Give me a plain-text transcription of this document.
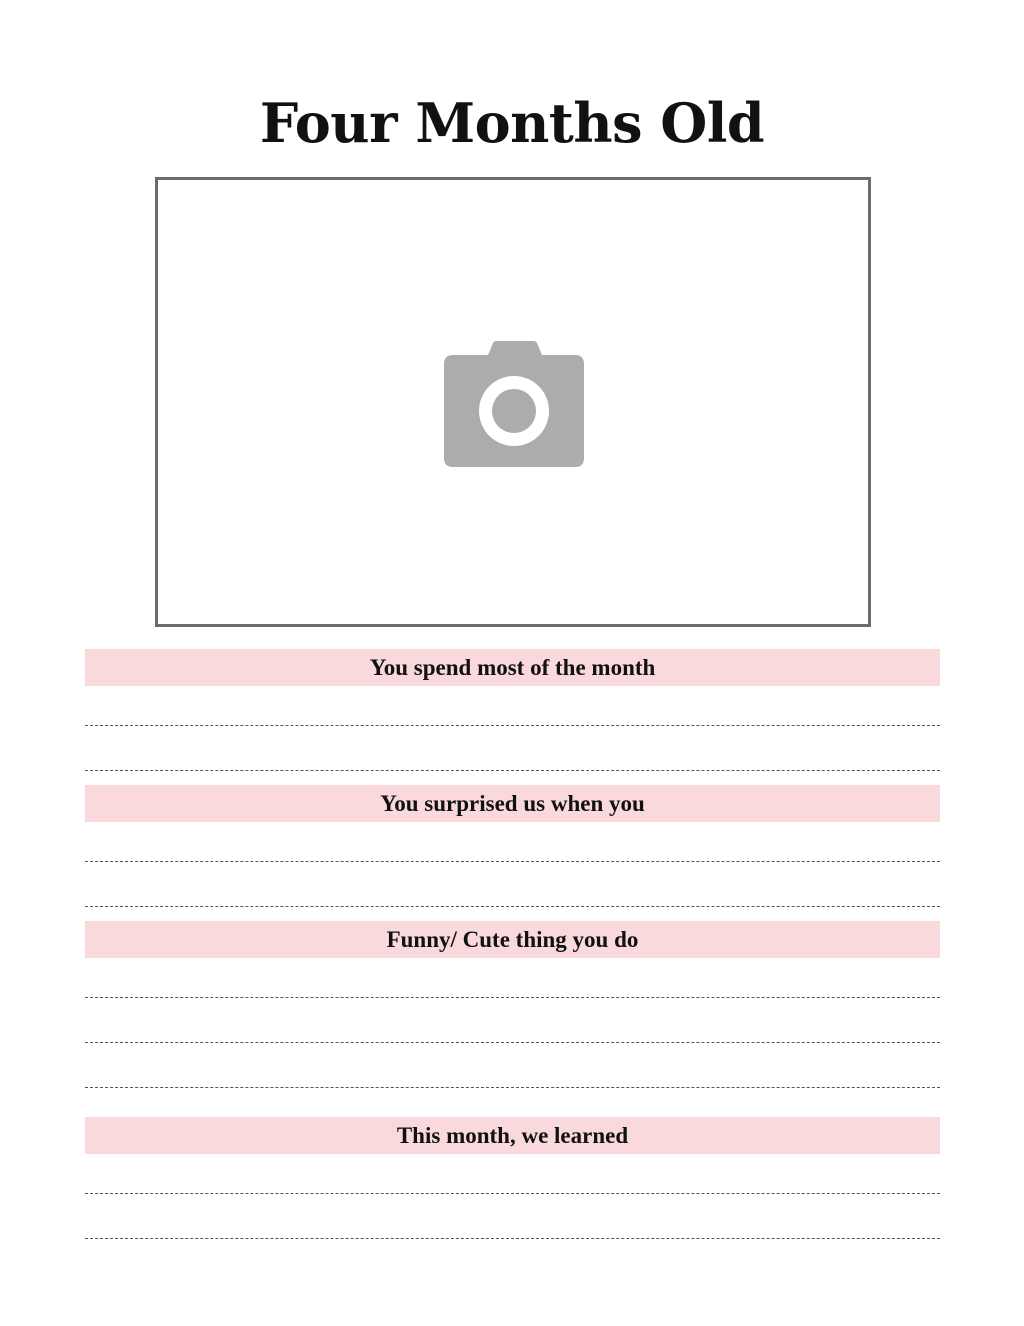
Four Months Old
You spend most of the month
You surprised us when you
Funny/ Cute thing you do
This month, we learned
